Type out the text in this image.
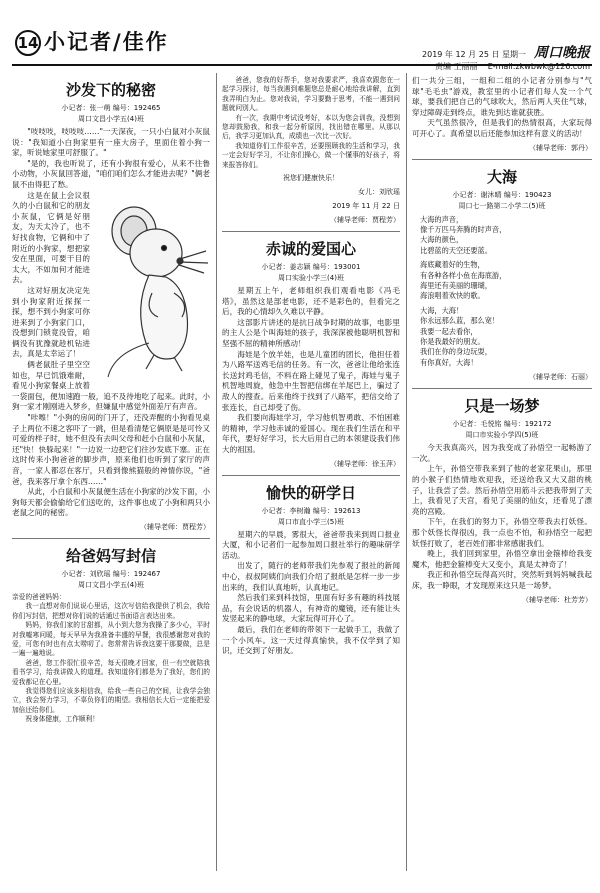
14 小记者/佳作
2019 年 12 月 25 日 星期一 周口晚报
责编 王丽丽 E-mail:zkwbwk@126.com
沙发下的秘密
小记者：张一萌 编号：192465
周口文昌小学五(4)班

"吱吱吱，吱吱吱……"一天深夜，一只小白鼠对小灰鼠说："我知道小白狗家里有一座大房子，里面住着小狗一家，听说她家里可舒服了。"

"是的，我也听说了，还有小狗很有爱心，从来不往鲁小动物，小灰鼠回答道，"咱们咱们怎么才能进去呢？"俩老鼠不由得犯了愁。

这是在鼠上会议很久的小白鼠和它的朋友小灰鼠，它俩是好朋友，为天太冷了，也不好找食物，它俩和中了附近的小狗家，想把家安在里面，可要干目的太大，不如加何才能进去。

这对好朋友决定先到小狗家附近探探一探，想不到小狗家可你进来到了小狗家门口，没想到门锁竟没管，咱俩没有犹豫就趁机钻进去，真是太幸运了！

俩老鼠肚子里空空如也，早已饥饿难耐，看见小狗家餐桌上放着一袋面包，便加速跑一般，追不及待地吃了起来。此时，小狗一家才刚刚进入梦乡，但嫌鼠中感觉外面差厅有声音。

"咔嚓！"小狗的房间的门开了，还没弄醒的小狗看见桌子上两位不速之客吓了一跳，但是看清楚它俩原是是可怜又可爱的样子时，她不但没有去叫父母和赶小白鼠和小灰鼠，还"快！快躲起来！"一边说一边把它们往沙发底下塞。正在这时传来小狗爸爸的脚步声，原来他们也听到了家厅的声音，一家人都忍在客厅，只看到像熊猫般的神情你说，"爸爸，我来客厅拿个东西……"

从此，小白鼠和小灰鼠便生活在小狗家的沙发下面，小狗每天都会偷偷给它们送吃的，这件事也成了小狗和两只小老鼠之间的秘密。

（辅导老师：贾程芳）
给爸妈写封信
小记者：刘欣瑶 编号：192467
周口文昌小学五(4)班

亲爱的爸爸妈妈：

我一直想对你们说说心里话，这次写信给我提供了机会，我给你们写封信，把想对你们说的话通过书面语言表达出来。

妈妈，你我们家的甘甜都，从小到大您为我操了多少心，平时对我嘘寒问暖，每天早早为我准备丰盛的早餐，我很感谢您对我的爱，可您有时也有点太唠叨了。您常常告诉我这要干那要做，总是一遍一遍地说。

爸爸，您工作很忙很辛苦，每天很晚才回家，但一有空就陪我看书学习，给我讲做人的道理。我知道你们都是为了我好，您们的爱我都记在心里。

我觉得您们应该多相信我，给我一些自己的空间，让我学会独立，我会努力学习，不辜负你们的期望。我相信长大后一定能把爱加倍还给你们。

祝身体健康，工作顺利！

爸爸，您我的好帮手，您对我要求严，我喜欢跟您在一起学习探讨，每当我遇到难题您总是耐心地给我讲解，直到我弄明白为止。您对我说，学习要勤于思考，不能一遇到问题就问别人。

有一次，我期中考试没考好，本以为您会训我，没想到您却鼓励我，和我一起分析原因，找出错在哪里。从那以后，我学习更加认真，成绩也一次比一次好。

我知道你们工作很辛苦，还要照顾我的生活和学习，我一定会好好学习，不让你们操心，做一个懂事的好孩子，将来报答你们。

祝您们健康快乐！
女儿：刘欣瑶
2019 年 11 月 22 日
（辅导老师：贾程芳）
赤诚的爱国心
小记者：姜志颖 编号：193001
周口实验小学三(4)班

星期五上午，老师组织我们观看电影《冯毛塔》，虽然这是部老电影，还不是彩色的，但看完之后，我的心情却久久难以平静。

这部影片讲述的是抗日战争时期的故事，电影里的主人公是个叫海娃的孩子，我深深被他聪明机智和坚强不屈的精神所感动！

海娃是个放羊娃，也是儿童团的团长，他担任着为八路军送鸡毛信的任务。有一次，爸爸让他给张连长送封鸡毛信，不料在路上碰见了鬼子，海娃与鬼子机智地周旋，他急中生智把信绑在羊尾巴上，骗过了敌人的搜查。后来他终于找到了八路军，把信交给了张连长，自己却受了伤。

我们要向海娃学习，学习他机智勇敢、不怕困难的精神，学习他赤诚的爱国心。现在我们生活在和平年代，要好好学习，长大后用自己的本领建设我们伟大的祖国。

（辅导老师：徐玉萍）
愉快的研学日
小记者：李树瀚 编号：192613
周口市直小学三(5)班

星期六的早晨，雾很大，爸爸带我来到周口报业大厦，和小记者们一起参加周口报社举行的趣味研学活动。

出发了，随行的老师带我们先参观了报社的新闻中心，叔叔阿姨们向我们介绍了报纸是怎样一步一步出来的，我们认真地听，认真地记。

然后我们来到科技馆，里面有好多有趣的科技展品，有会说话的机器人，有神奇的魔镜，还有能让头发竖起来的静电球，大家玩得可开心了。

最后，我们在老师的带领下一起做手工，我做了一个小风车。这一天过得真愉快，我不仅学到了知识，还交到了好朋友。

们一共分三组，一组和二组的小记者分别参与"气球"毛毛虫"游戏，教室里的小记者们每人发一个气球，要我们把自己的气球吹大，然后两人夹住气球，穿过障碍走到终点，谁先到达谁就获胜。

天气虽然很冷，但是我们的热情很高，大家玩得可开心了。真希望以后还能参加这样有意义的活动！

（辅导老师：郭丹）
大海
小记者：谢沐晴 编号：190423
周口七一路第二小学二(5)班
大海的声音，
像千万匹马奔腾的时声音，
大海的颜色，
比碧蓝的天空还要蓝。
海底藏着好的生物，
有各种各样小鱼在海底游，
海里还有美丽的珊瑚，
海浪唱着欢快的歌。
大海，大海！
你永远那么蓝，那么宽！
我要一起去看你，
你是我最好的朋友。
我们在你的身边玩耍，
有你真好，大海！
（辅导老师：石丽）
只是一场梦
小记者：毛悦铭 编号：192172
周口市实验小学四(5)班

今天我真高兴，因为我变成了孙悟空一起畅游了一次。

上午，孙悟空带我来到了他的老家花果山，那里的小猴子们热情地欢迎我，还送给我又大又甜的桃子，让我尝了尝。然后孙悟空用筋斗云把我带到了天上，我看见了天宫，看见了美丽的仙女，还看见了漂亮的宫殿。

下午，在我们的努力下，孙悟空带我去打妖怪。那个妖怪长得很凶，我一点也不怕，和孙悟空一起把妖怪打败了，老百姓们都非常感谢我们。

晚上，我们回到家里，孙悟空拿出金箍棒给我变魔术，他把金箍棒变大又变小，真是太神奇了！

我正和孙悟空玩得高兴时，突然听到妈妈喊我起床，我一睁眼，才发现原来这只是一场梦。

（辅导老师：杜芳芳）
